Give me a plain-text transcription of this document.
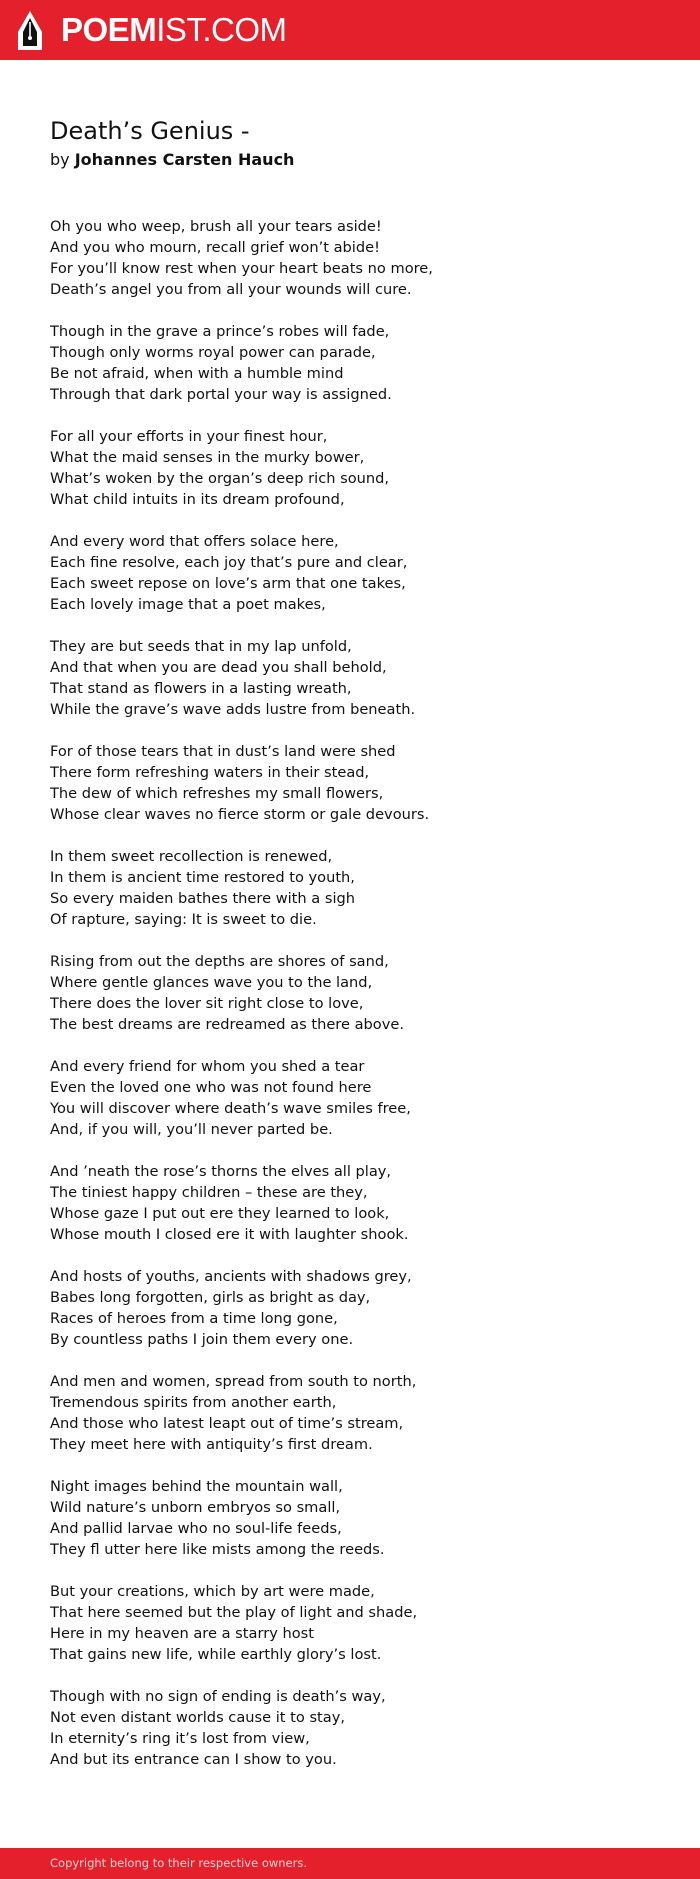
POEMIST.COM
Death’s Genius -
by Johannes Carsten Hauch
Oh you who weep, brush all your tears aside!
And you who mourn, recall grief won’t abide!
For you’ll know rest when your heart beats no more,
Death’s angel you from all your wounds will cure.
Though in the grave a prince’s robes will fade,
Though only worms royal power can parade,
Be not afraid, when with a humble mind
Through that dark portal your way is assigned.
For all your efforts in your finest hour,
What the maid senses in the murky bower,
What’s woken by the organ’s deep rich sound,
What child intuits in its dream profound,
And every word that offers solace here,
Each fine resolve, each joy that’s pure and clear,
Each sweet repose on love’s arm that one takes,
Each lovely image that a poet makes,
They are but seeds that in my lap unfold,
And that when you are dead you shall behold,
That stand as flowers in a lasting wreath,
While the grave’s wave adds lustre from beneath.
For of those tears that in dust’s land were shed
There form refreshing waters in their stead,
The dew of which refreshes my small flowers,
Whose clear waves no fierce storm or gale devours.
In them sweet recollection is renewed,
In them is ancient time restored to youth,
So every maiden bathes there with a sigh
Of rapture, saying: It is sweet to die.
Rising from out the depths are shores of sand,
Where gentle glances wave you to the land,
There does the lover sit right close to love,
The best dreams are redreamed as there above.
And every friend for whom you shed a tear
Even the loved one who was not found here
You will discover where death’s wave smiles free,
And, if you will, you’ll never parted be.
And ’neath the rose’s thorns the elves all play,
The tiniest happy children – these are they,
Whose gaze I put out ere they learned to look,
Whose mouth I closed ere it with laughter shook.
And hosts of youths, ancients with shadows grey,
Babes long forgotten, girls as bright as day,
Races of heroes from a time long gone,
By countless paths I join them every one.
And men and women, spread from south to north,
Tremendous spirits from another earth,
And those who latest leapt out of time’s stream,
They meet here with antiquity’s first dream.
Night images behind the mountain wall,
Wild nature’s unborn embryos so small,
And pallid larvae who no soul-life feeds,
They fl utter here like mists among the reeds.
But your creations, which by art were made,
That here seemed but the play of light and shade,
Here in my heaven are a starry host
That gains new life, while earthly glory’s lost.
Though with no sign of ending is death’s way,
Not even distant worlds cause it to stay,
In eternity’s ring it’s lost from view,
And but its entrance can I show to you.
Copyright belong to their respective owners.
